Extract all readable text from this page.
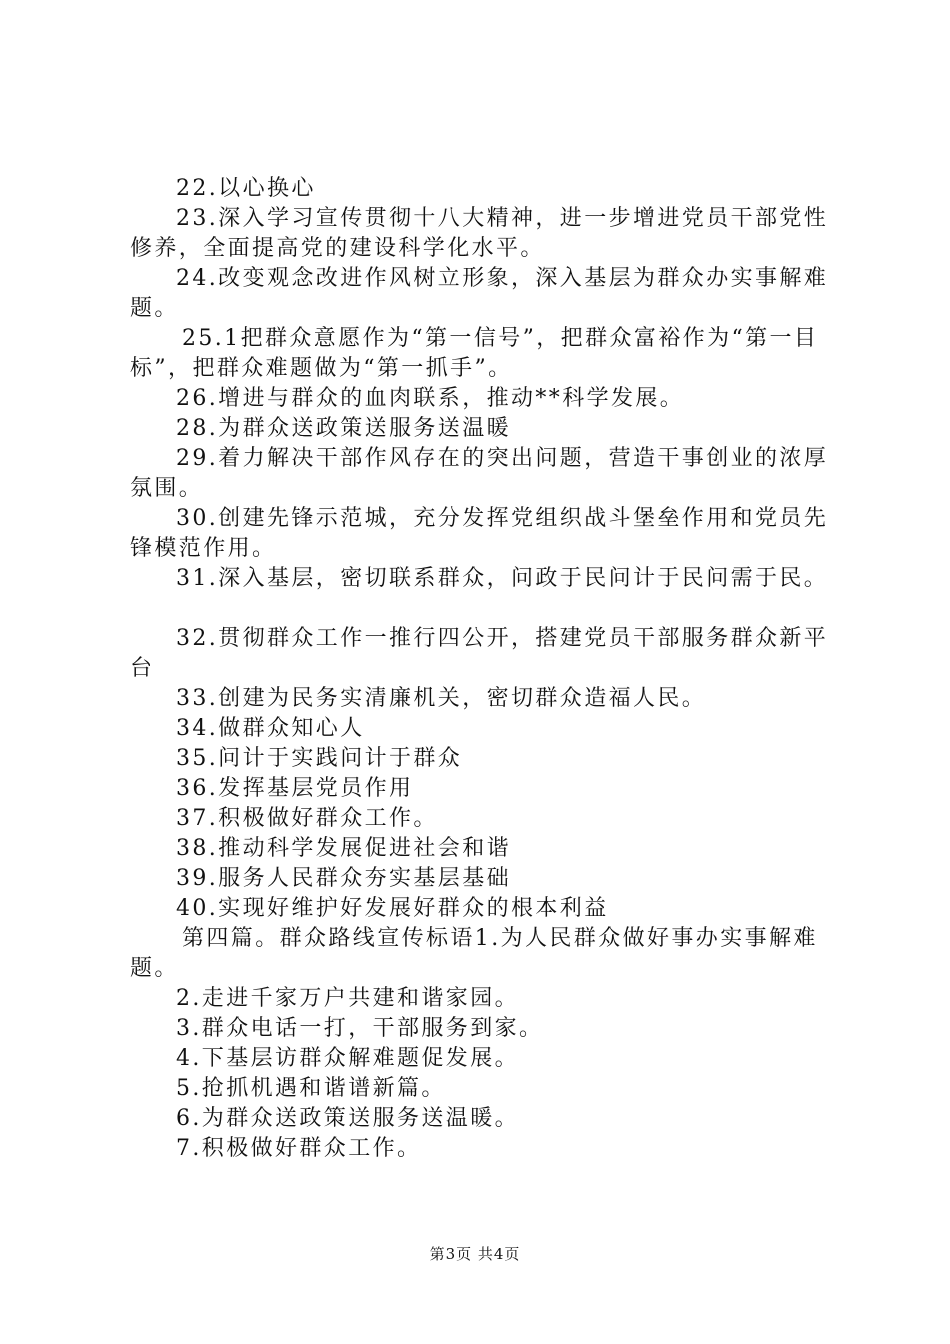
22.以心换心

23.深入学习宣传贯彻十八大精神，进一步增进党员干部党性修养，全面提高党的建设科学化水平。

24.改变观念改进作风树立形象，深入基层为群众办实事解难题。

25.1把群众意愿作为“第一信号”，把群众富裕作为“第一目标”，把群众难题做为“第一抓手”。

26.增进与群众的血肉联系，推动**科学发展。

28.为群众送政策送服务送温暖

29.着力解决干部作风存在的突出问题，营造干事创业的浓厚氛围。

30.创建先锋示范城，充分发挥党组织战斗堡垒作用和党员先锋模范作用。

31.深入基层，密切联系群众，问政于民问计于民问需于民。

32.贯彻群众工作一推行四公开，搭建党员干部服务群众新平台

33.创建为民务实清廉机关，密切群众造福人民。

34.做群众知心人

35.问计于实践问计于群众

36.发挥基层党员作用

37.积极做好群众工作。

38.推动科学发展促进社会和谐

39.服务人民群众夯实基层基础

40.实现好维护好发展好群众的根本利益

第四篇。群众路线宣传标语1.为人民群众做好事办实事解难题。

2.走进千家万户共建和谐家园。

3.群众电话一打，干部服务到家。

4.下基层访群众解难题促发展。

5.抢抓机遇和谐谱新篇。

6.为群众送政策送服务送温暖。

7.积极做好群众工作。

第3页 共4页
